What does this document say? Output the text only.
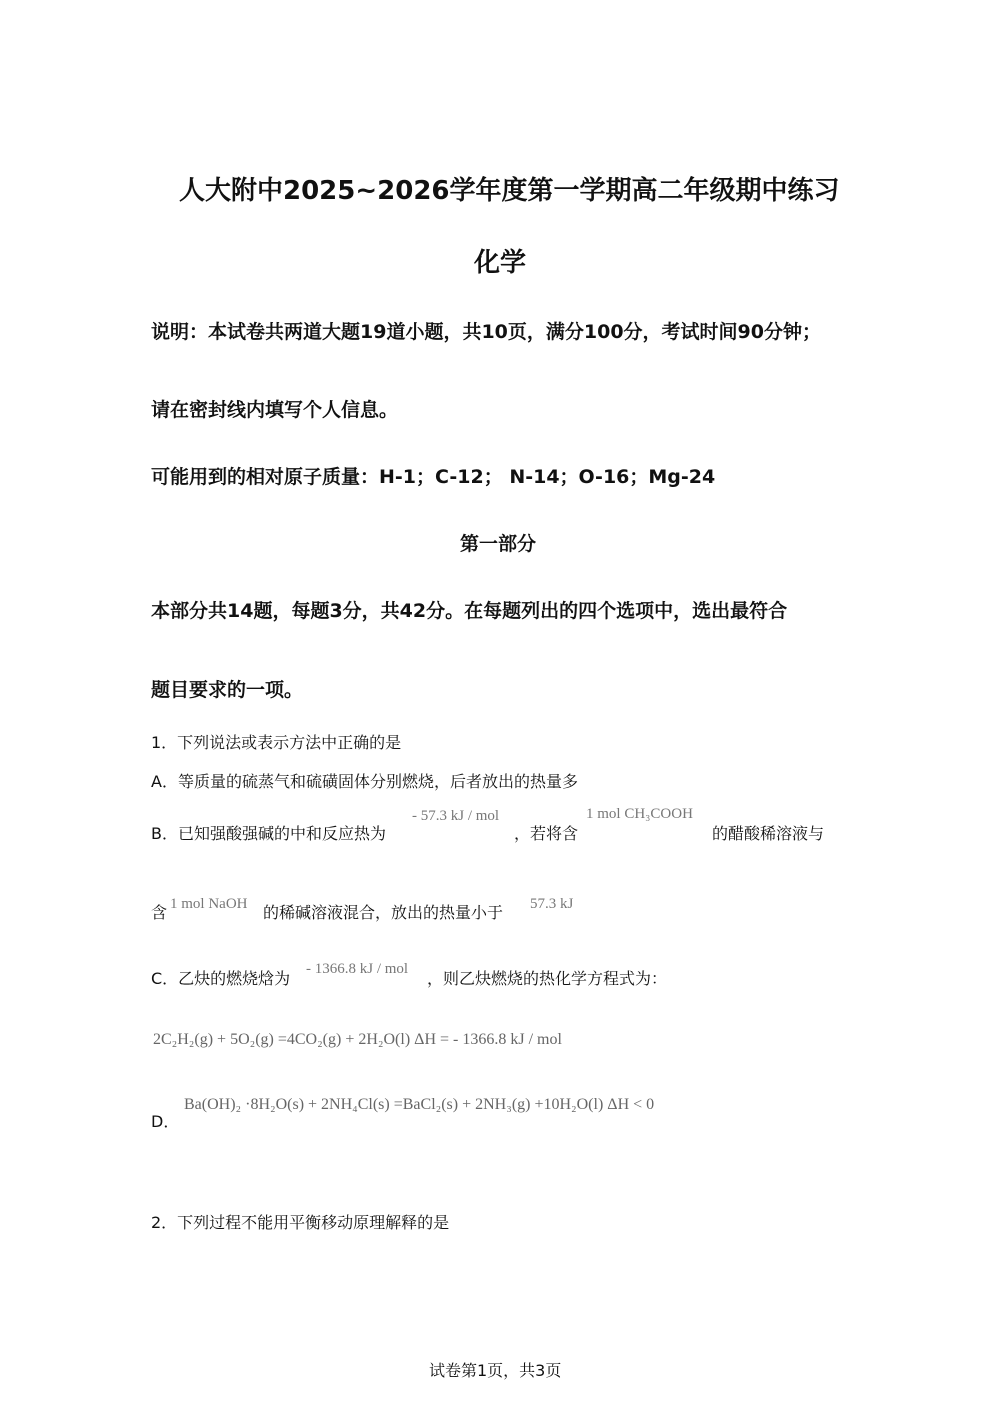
人大附中2025~2026学年度第一学期高二年级期中练习
化学
说明：本试卷共两道大题19道小题，共10页，满分100分，考试时间90分钟；
请在密封线内填写个人信息。
可能用到的相对原子质量：H-1；C-12； N-14；O-16；Mg-24
第一部分
本部分共14题，每题3分，共42分。在每题列出的四个选项中，选出最符合
题目要求的一项。
1．下列说法或表示方法中正确的是
A．等质量的硫蒸气和硫磺固体分别燃烧，后者放出的热量多
B．已知强酸强碱的中和反应热为
- 57.3 kJ / mol
，若将含
1 mol CH₃COOH
的醋酸稀溶液与
含 1 mol NaOH 的稀碱溶液混合，放出的热量小于 57.3 kJ
C．乙炔的燃烧焓为 - 1366.8 kJ / mol ，则乙炔燃烧的热化学方程式为：
2C₂H₂(g) + 5O₂(g) =4CO₂(g) + 2H₂O(l) ΔH = - 1366.8 kJ / mol
D．
Ba(OH)₂ ·8H₂O(s) + 2NH₄Cl(s) =BaCl₂(s) + 2NH₃(g) +10H₂O(l) ΔH < 0
2．下列过程不能用平衡移动原理解释的是
试卷第1页，共3页
